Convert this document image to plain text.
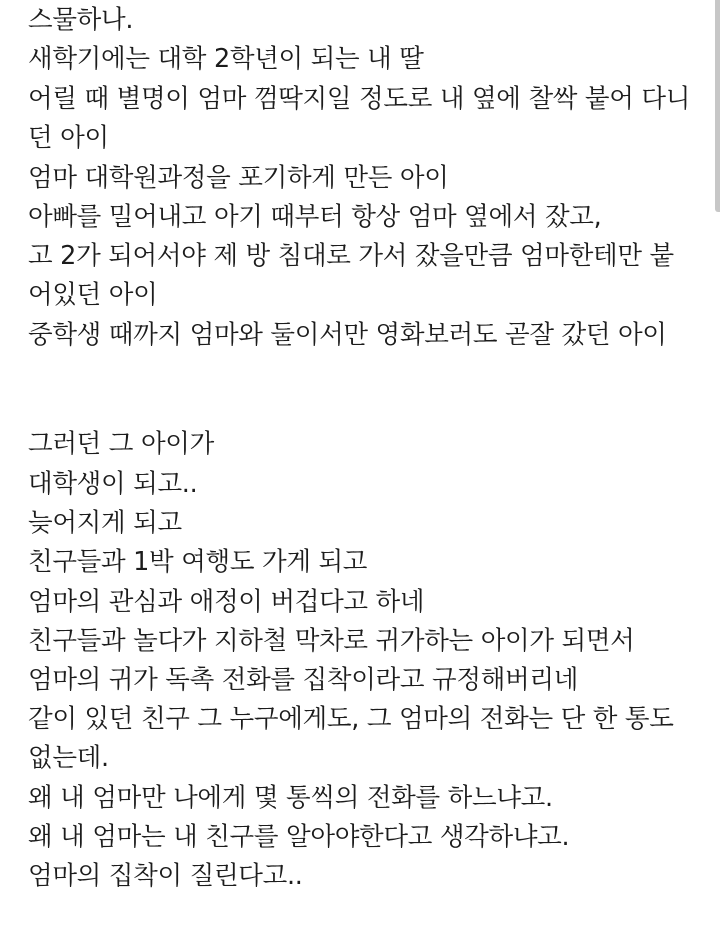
스물하나.
새학기에는 대학 2학년이 되는 내 딸
어릴 때 별명이 엄마 껌딱지일 정도로 내 옆에 찰싹 붙어 다니
던 아이
엄마 대학원과정을 포기하게 만든 아이
아빠를 밀어내고 아기 때부터 항상 엄마 옆에서 잤고,
고 2가 되어서야 제 방 침대로 가서 잤을만큼 엄마한테만 붙
어있던 아이
중학생 때까지 엄마와 둘이서만 영화보러도 곧잘 갔던 아이
그러던 그 아이가
대학생이 되고..
늦어지게 되고
친구들과 1박 여행도 가게 되고
엄마의 관심과 애정이 버겁다고 하네
친구들과 놀다가 지하철 막차로 귀가하는 아이가 되면서
엄마의 귀가 독촉 전화를 집착이라고 규정해버리네
같이 있던 친구 그 누구에게도, 그 엄마의 전화는 단 한 통도
없는데.
왜 내 엄마만 나에게 몇 통씩의 전화를 하느냐고.
왜 내 엄마는 내 친구를 알아야한다고 생각하냐고.
엄마의 집착이 질린다고..
